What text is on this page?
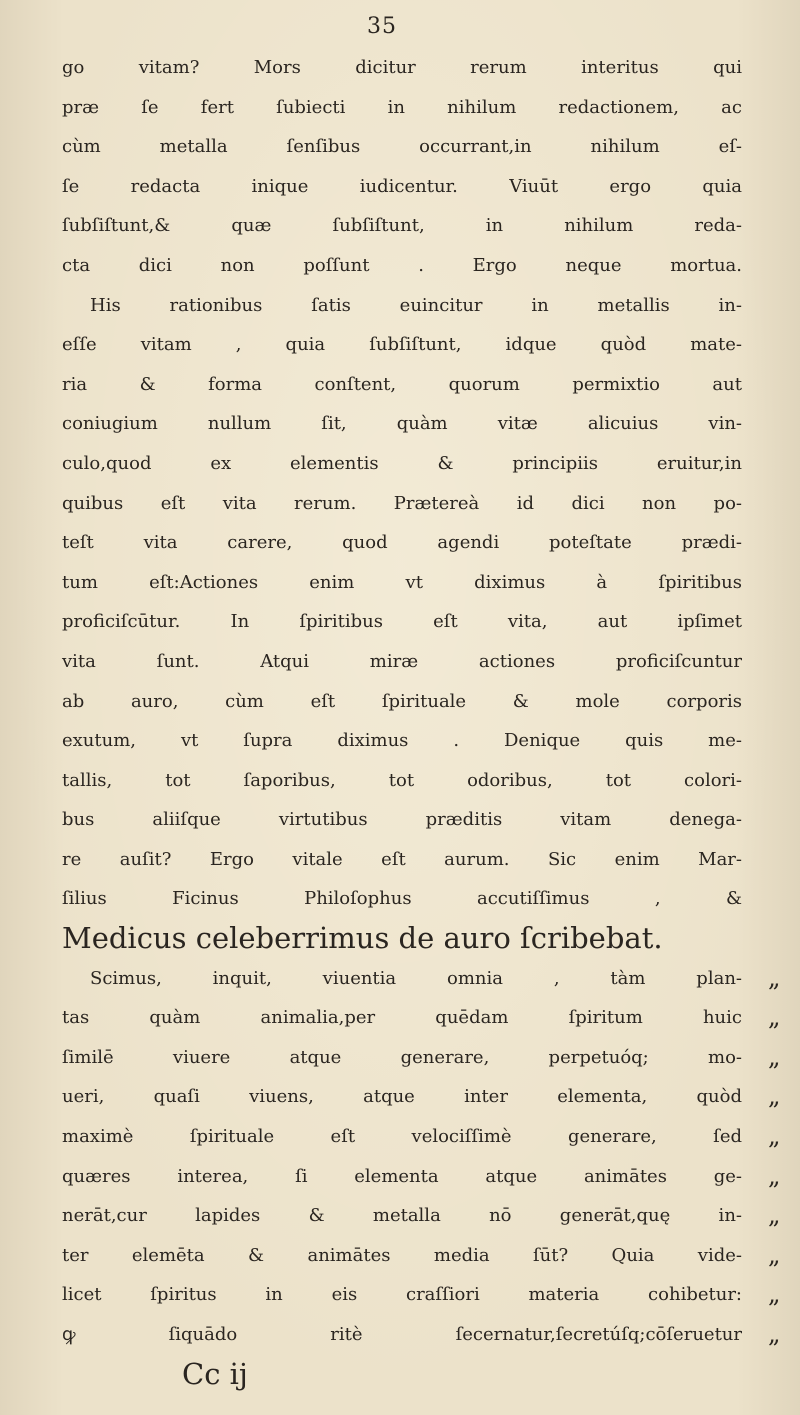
35
go vitam? Mors dicitur rerum interitus qui
præ ſe fert ſubiecti in nihilum redactionem, ac
cùm metalla ſenſibus occurrant,in nihilum eſ-
ſe redacta inique iudicentur. Viuūt ergo quia
ſubſiſtunt,& quæ ſubſiſtunt, in nihilum reda-
cta dici non poſſunt . Ergo neque mortua.
His rationibus ſatis euincitur in metallis in-
eſſe vitam , quia ſubſiſtunt, idque quòd mate-
ria & forma conſtent, quorum permixtio aut
coniugium nullum ſit, quàm vitæ alicuius vin-
culo,quod ex elementis & principiis eruitur,in
quibus eſt vita rerum. Prætereà id dici non po-
teſt vita carere, quod agendi poteſtate prædi-
tum eſt:Actiones enim vt diximus à ſpiritibus
proficiſcūtur. In ſpiritibus eſt vita, aut ipſimet
vita ſunt. Atqui miræ actiones proficiſcuntur
ab auro, cùm eſt ſpirituale & mole corporis
exutum, vt ſupra diximus . Denique quis me-
tallis, tot ſaporibus, tot odoribus, tot colori-
bus aliiſque virtutibus præditis vitam denega-
re auſit? Ergo vitale eſt aurum. Sic enim Mar-
ſilius Ficinus Philoſophus accutiſſimus , &
Medicus celeberrimus de auro ſcribebat.
Scimus, inquit, viuentia omnia , tàm plan- „
tas quàm animalia,per quēdam ſpiritum huic „
ſimilē viuere atque generare, perpetuóq; mo- „
ueri, quaſi viuens, atque inter elementa, quòd „
maximè ſpirituale eſt velociſſimè generare, ſed „
quæres interea, ſi elementa atque animātes ge- „
nerāt,cur lapides & metalla nō generāt,quę in- „
ter elemēta & animātes media ſūt? Quia vide- „
licet ſpiritus in eis craſſiori materia cohibetur: „
ꝙ ſiquādo ritè ſecernatur,ſecretúſq;cōſeruetur „
Cc ij
